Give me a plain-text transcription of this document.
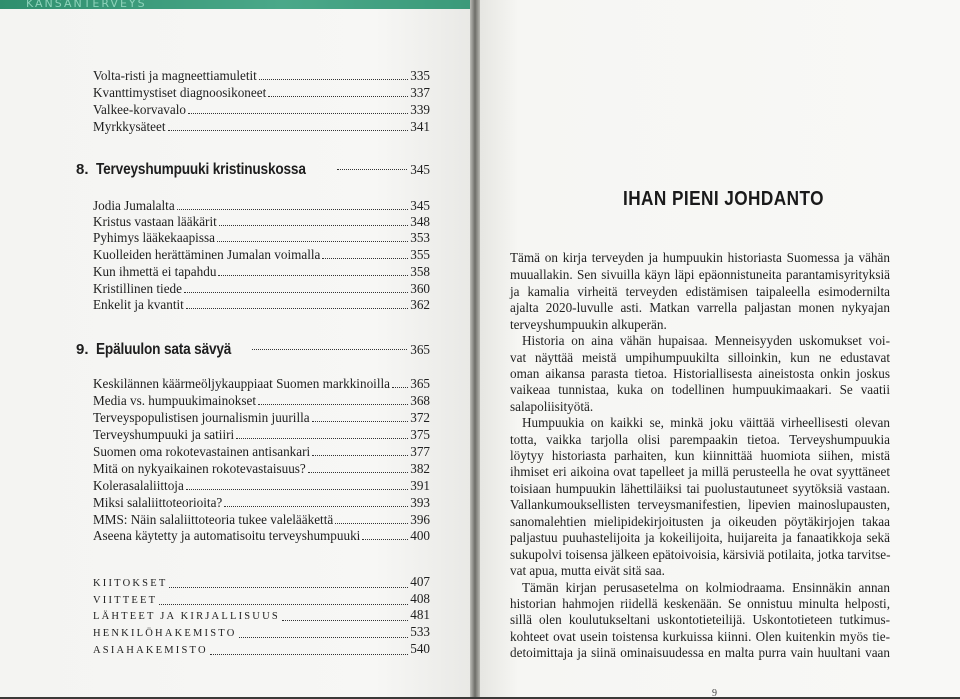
KANSANTERVEYS
Volta-risti ja magneettiamuletit	335
Kvanttimystiset diagnoosikoneet	337
Valkee-korvavalo	339
Myrkkysäteet	341
8. Terveyshumpuuki kristinuskossa	345
Jodia Jumalalta	345
Kristus vastaan lääkärit	348
Pyhimys lääkekaapissa	353
Kuolleiden herättäminen Jumalan voimalla	355
Kun ihmettä ei tapahdu	358
Kristillinen tiede	360
Enkelit ja kvantit	362
9. Epäluulon sata sävyä	365
Keskilännen käärmeöljykauppiaat Suomen markkinoilla 365
Media vs. humpuukimainokset	368
Terveyspopulistisen journalismin juurilla	372
Terveyshumpuuki ja satiiri	375
Suomen oma rokotevastainen antisankari	377
Mitä on nykyaikainen rokotevastaisuus?	382
Kolerasalaliittoja	391
Miksi salaliittoteorioita?	393
MMS: Näin salaliittoteoria tukee valelääkettä	396
Aseena käytetty ja automatisoitu terveyshumpuuki	400
KIITOKSET	407
VIITTEET	408
LÄHTEET JA KIRJALLISUUS	481
HENKILÖHAKEMISTO	533
ASIAHAKEMISTO	540
IHAN PIENI JOHDANTO
Tämä on kirja terveyden ja humpuukin historiasta Suomessa ja vähän
muuallakin. Sen sivuilla käyn läpi epäonnistuneita parantamisyrityksiä
ja kamalia virheitä terveyden edistämisen taipaleella esimodernilta
ajalta 2020-luvulle asti. Matkan varrella paljastan monen nykyajan
terveyshumpuukin alkuperän.
Historia on aina vähän hupaisaa. Menneisyyden uskomukset voi-
vat näyttää meistä umpihumpuukilta silloinkin, kun ne edustavat
oman aikansa parasta tietoa. Historiallisesta aineistosta onkin joskus
vaikeaa tunnistaa, kuka on todellinen humpuukimaakari. Se vaatii
salapoliisityötä.
Humpuukia on kaikki se, minkä joku väittää virheellisesti olevan
totta, vaikka tarjolla olisi parempaakin tietoa. Terveyshumpuukia
löytyy historiasta parhaiten, kun kiinnittää huomiota siihen, mistä
ihmiset eri aikoina ovat tapelleet ja millä perusteella he ovat syyttäneet
toisiaan humpuukin lähettiläiksi tai puolustautuneet syytöksiä vastaan.
Vallankumouksellisten terveysmanifestien, lipevien mainoslupausten,
sanomalehtien mielipidekirjoitusten ja oikeuden pöytäkirjojen takaa
paljastuu puuhastelijoita ja kokeilijoita, huijareita ja fanaatikkoja sekä
sukupolvi toisensa jälkeen epätoivoisia, kärsiviä potilaita, jotka tarvitse-
vat apua, mutta eivät sitä saa.
Tämän kirjan perusasetelma on kolmiodraama. Ensinnäkin annan
historian hahmojen riidellä keskenään. Se onnistuu minulta helposti,
sillä olen koulutukseltani uskontotieteilijä. Uskontotieteen tutkimus-
kohteet ovat usein toistensa kurkuissa kiinni. Olen kuitenkin myös tie-
detoimittaja ja siinä ominaisuudessa en malta purra vain huultani vaan
9
